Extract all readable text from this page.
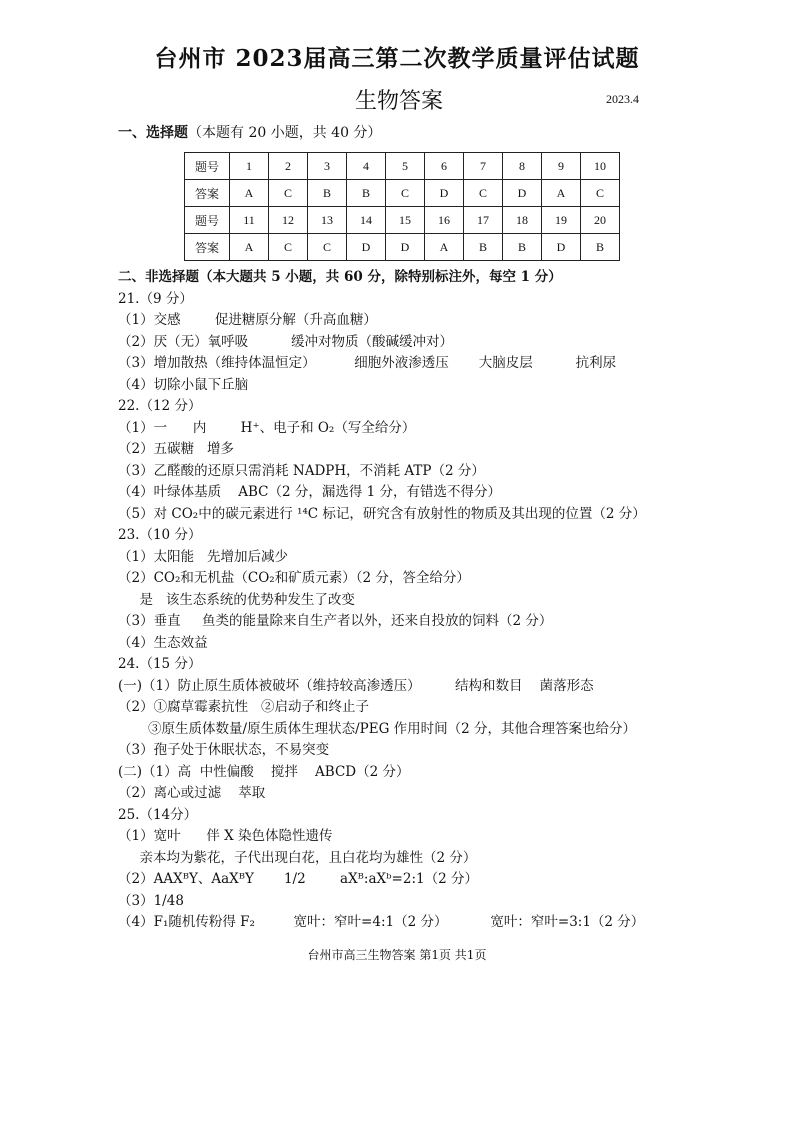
台州市 2023届高三第二次教学质量评估试题
生物答案	2023.4
一、选择题（本题有 20 小题，共 40 分）
题号	1	2	3	4	5	6	7	8	9	10
答案	A	C	B	B	C	D	C	D	A	C
题号	11	12	13	14	15	16	17	18	19	20
答案	A	C	C	D	D	A	B	B	D	B
二、非选择题（本大题共 5 小题，共 60 分，除特别标注外，每空 1 分）
21.（9 分）
（1）交感        促进糖原分解（升高血糖）
（2）厌（无）氧呼吸          缓冲对物质（酸碱缓冲对）
（3）增加散热（维持体温恒定）         细胞外液渗透压       大脑皮层          抗利尿
（4）切除小鼠下丘脑
22.（12 分）
（1）一      内        H⁺、电子和 O₂（写全给分）
（2）五碳糖   增多
（3）乙醛酸的还原只需消耗 NADPH，不消耗 ATP（2 分）
（4）叶绿体基质    ABC（2 分，漏选得 1 分，有错选不得分）
（5）对 CO₂中的碳元素进行 ¹⁴C 标记，研究含有放射性的物质及其出现的位置（2 分）
23.（10 分）
（1）太阳能   先增加后减少
（2）CO₂和无机盐（CO₂和矿质元素）（2 分，答全给分）
是   该生态系统的优势种发生了改变
（3）垂直     鱼类的能量除来自生产者以外，还来自投放的饲料（2 分）
（4）生态效益
24.（15 分）
(一)（1）防止原生质体被破坏（维持较高渗透压）        结构和数目    菌落形态
（2）①腐草霉素抗性   ②启动子和终止子
③原生质体数量/原生质体生理状态/PEG 作用时间（2 分，其他合理答案也给分）
（3）孢子处于休眠状态，不易突变
(二)（1）高  中性偏酸    搅拌    ABCD（2 分）
（2）离心或过滤    萃取
25.（14分）
（1）宽叶      伴 X 染色体隐性遗传
亲本均为紫花，子代出现白花，且白花均为雄性（2 分）
（2）AAXᴮY、AaXᴮY       1/2        aXᴮ:aXᵇ=2:1（2 分）
（3）1/48
（4）F₁随机传粉得 F₂         宽叶：窄叶=4:1（2 分）          宽叶：窄叶=3:1（2 分）
台州市高三生物答案 第1页 共1页
